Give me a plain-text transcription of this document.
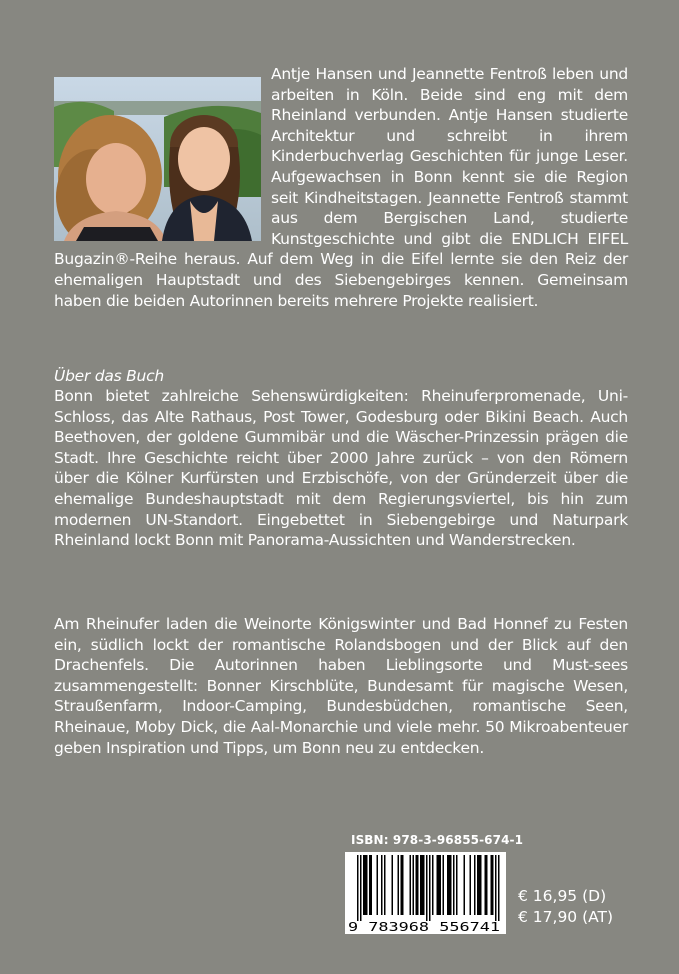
Antje Hansen und Jeannette Fentroß leben und arbeiten in Köln. Beide sind eng mit dem Rheinland verbunden. Antje Hansen studierte Architektur und schreibt in ihrem Kinderbuchverlag Geschichten für junge Leser. Aufgewachsen in Bonn kennt sie die Region seit Kindheitstagen. Jeannette Fentroß stammt aus dem Bergischen Land, studierte Kunstgeschichte und gibt die ENDLICH EIFEL Bugazin®-Reihe heraus. Auf dem Weg in die Eifel lernte sie den Reiz der ehemaligen Hauptstadt und des Siebengebirges kennen. Gemeinsam haben die beiden Autorinnen bereits mehrere Projekte realisiert.

Über das Buch

Bonn bietet zahlreiche Sehenswürdigkeiten: Rheinuferpromenade, Uni-Schloss, das Alte Rathaus, Post Tower, Godesburg oder Bikini Beach. Auch Beethoven, der goldene Gummibär und die Wäscher-Prinzessin prägen die Stadt. Ihre Geschichte reicht über 2000 Jahre zurück – von den Römern über die Kölner Kurfürsten und Erzbischöfe, von der Gründerzeit über die ehemalige Bundeshauptstadt mit dem Regierungsviertel, bis hin zum modernen UN-Standort. Eingebettet in Siebengebirge und Naturpark Rheinland lockt Bonn mit Panorama-Aussichten und Wanderstrecken.

Am Rheinufer laden die Weinorte Königswinter und Bad Honnef zu Festen ein, südlich lockt der romantische Rolandsbogen und der Blick auf den Drachenfels. Die Autorinnen haben Lieblingsorte und Must-sees zusammengestellt: Bonner Kirschblüte, Bundesamt für magische Wesen, Straußenfarm, Indoor-Camping, Bundesbüdchen, romantische Seen, Rheinaue, Moby Dick, die Aal-Monarchie und viele mehr. 50 Mikroabenteuer geben Inspiration und Tipps, um Bonn neu zu entdecken.

ISBN: 978-3-96855-674-1

9 783968 556741
€ 16,95 (D)
€ 17,90 (AT)
